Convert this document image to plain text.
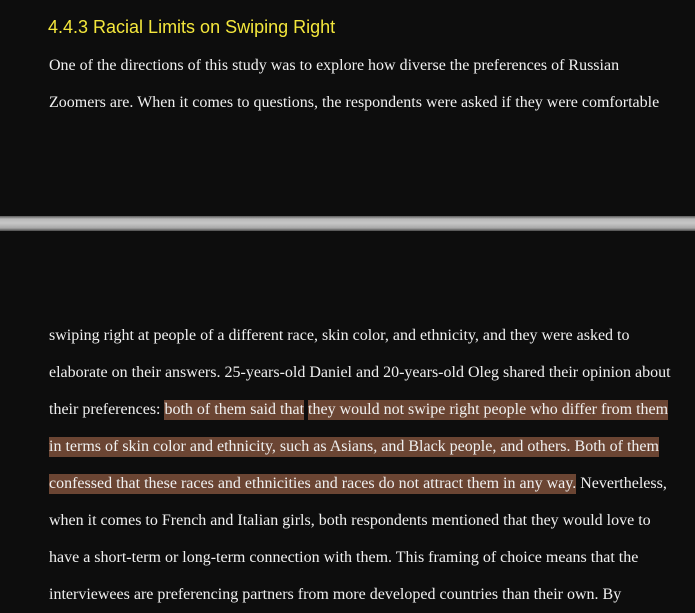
4.4.3 Racial Limits on Swiping Right

One of the directions of this study was to explore how diverse the preferences of Russian

Zoomers are. When it comes to questions, the respondents were asked if they were comfortable

swiping right at people of a different race, skin color, and ethnicity, and they were asked to

elaborate on their answers. 25-years-old Daniel and 20-years-old Oleg shared their opinion about

their preferences: both of them said that they would not swipe right people who differ from them

in terms of skin color and ethnicity, such as Asians, and Black people, and others. Both of them

confessed that these races and ethnicities and races do not attract them in any way. Nevertheless,

when it comes to French and Italian girls, both respondents mentioned that they would love to

have a short-term or long-term connection with them. This framing of choice means that the

interviewees are preferencing partners from more developed countries than their own. By
